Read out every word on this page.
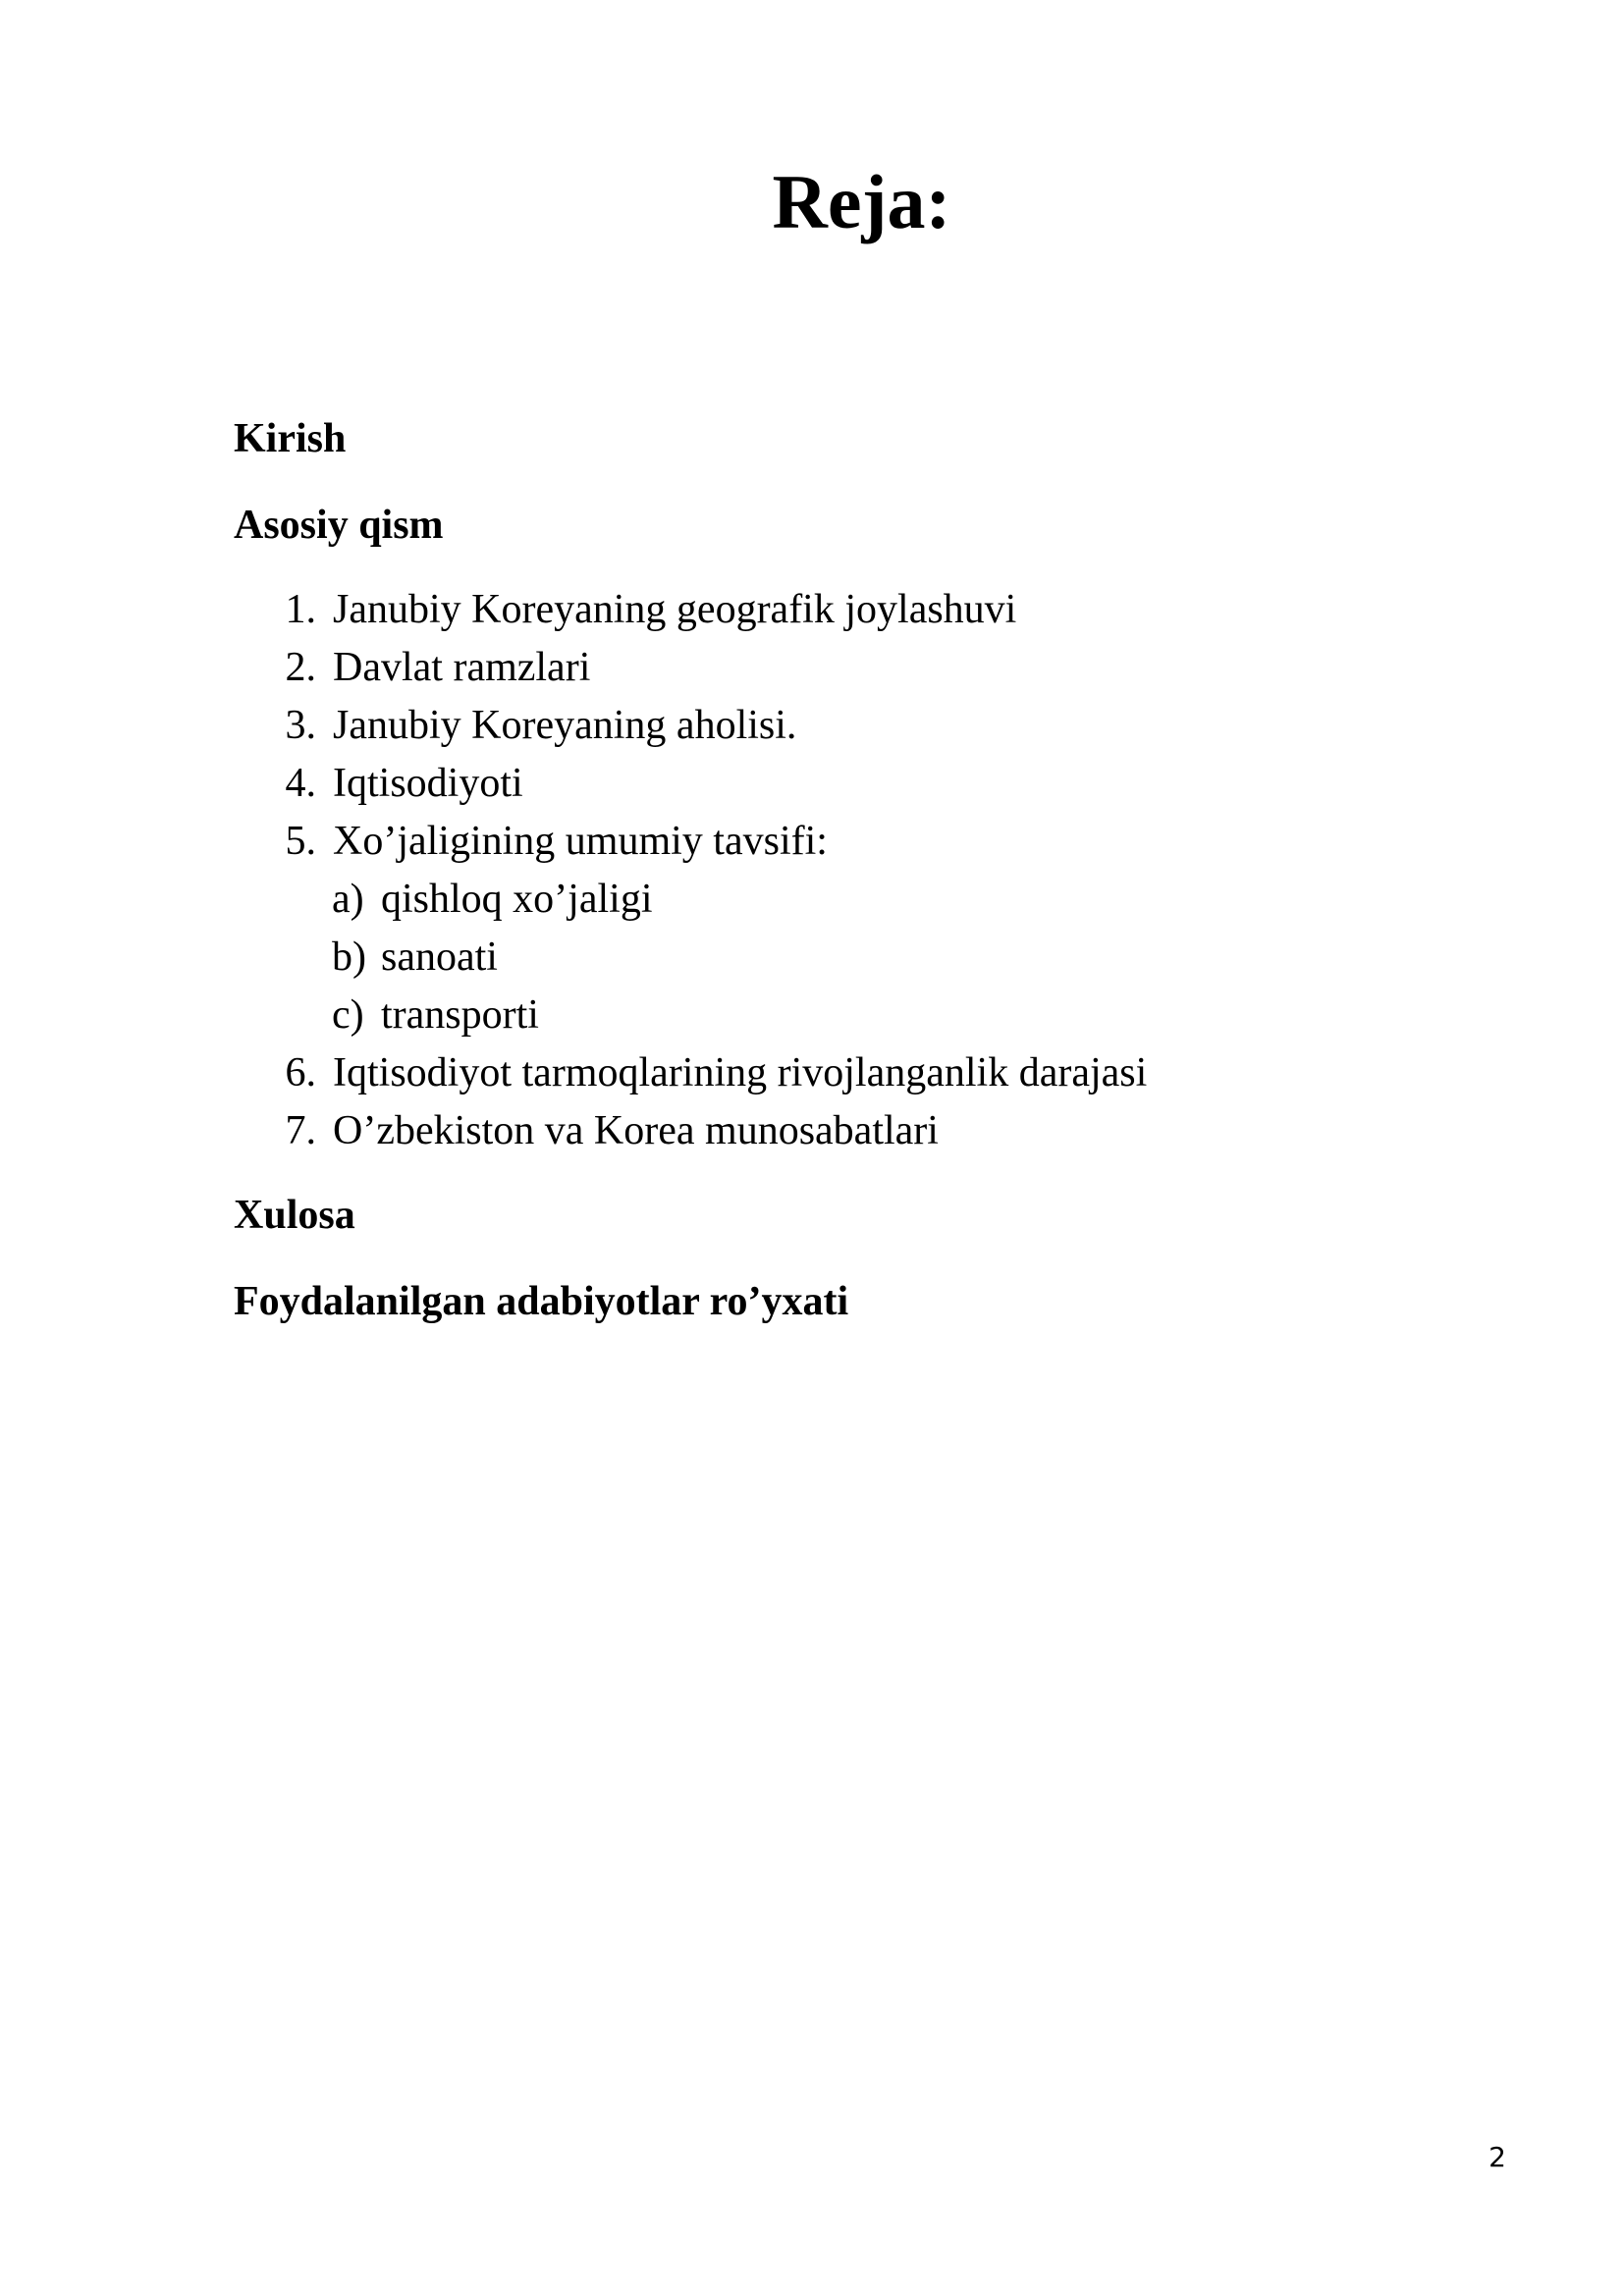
Reja:
Kirish
Asosiy qism
1. Janubiy Koreyaning geografik joylashuvi
2. Davlat ramzlari
3. Janubiy Koreyaning aholisi.
4. Iqtisodiyoti
5. Xo’jaligining umumiy tavsifi:
a) qishloq xo’jaligi
b) sanoati
c) transporti
6. Iqtisodiyot tarmoqlarining rivojlanganlik darajasi
7. O’zbekiston va Korea munosabatlari
Xulosa
Foydalanilgan adabiyotlar ro’yxati
2
